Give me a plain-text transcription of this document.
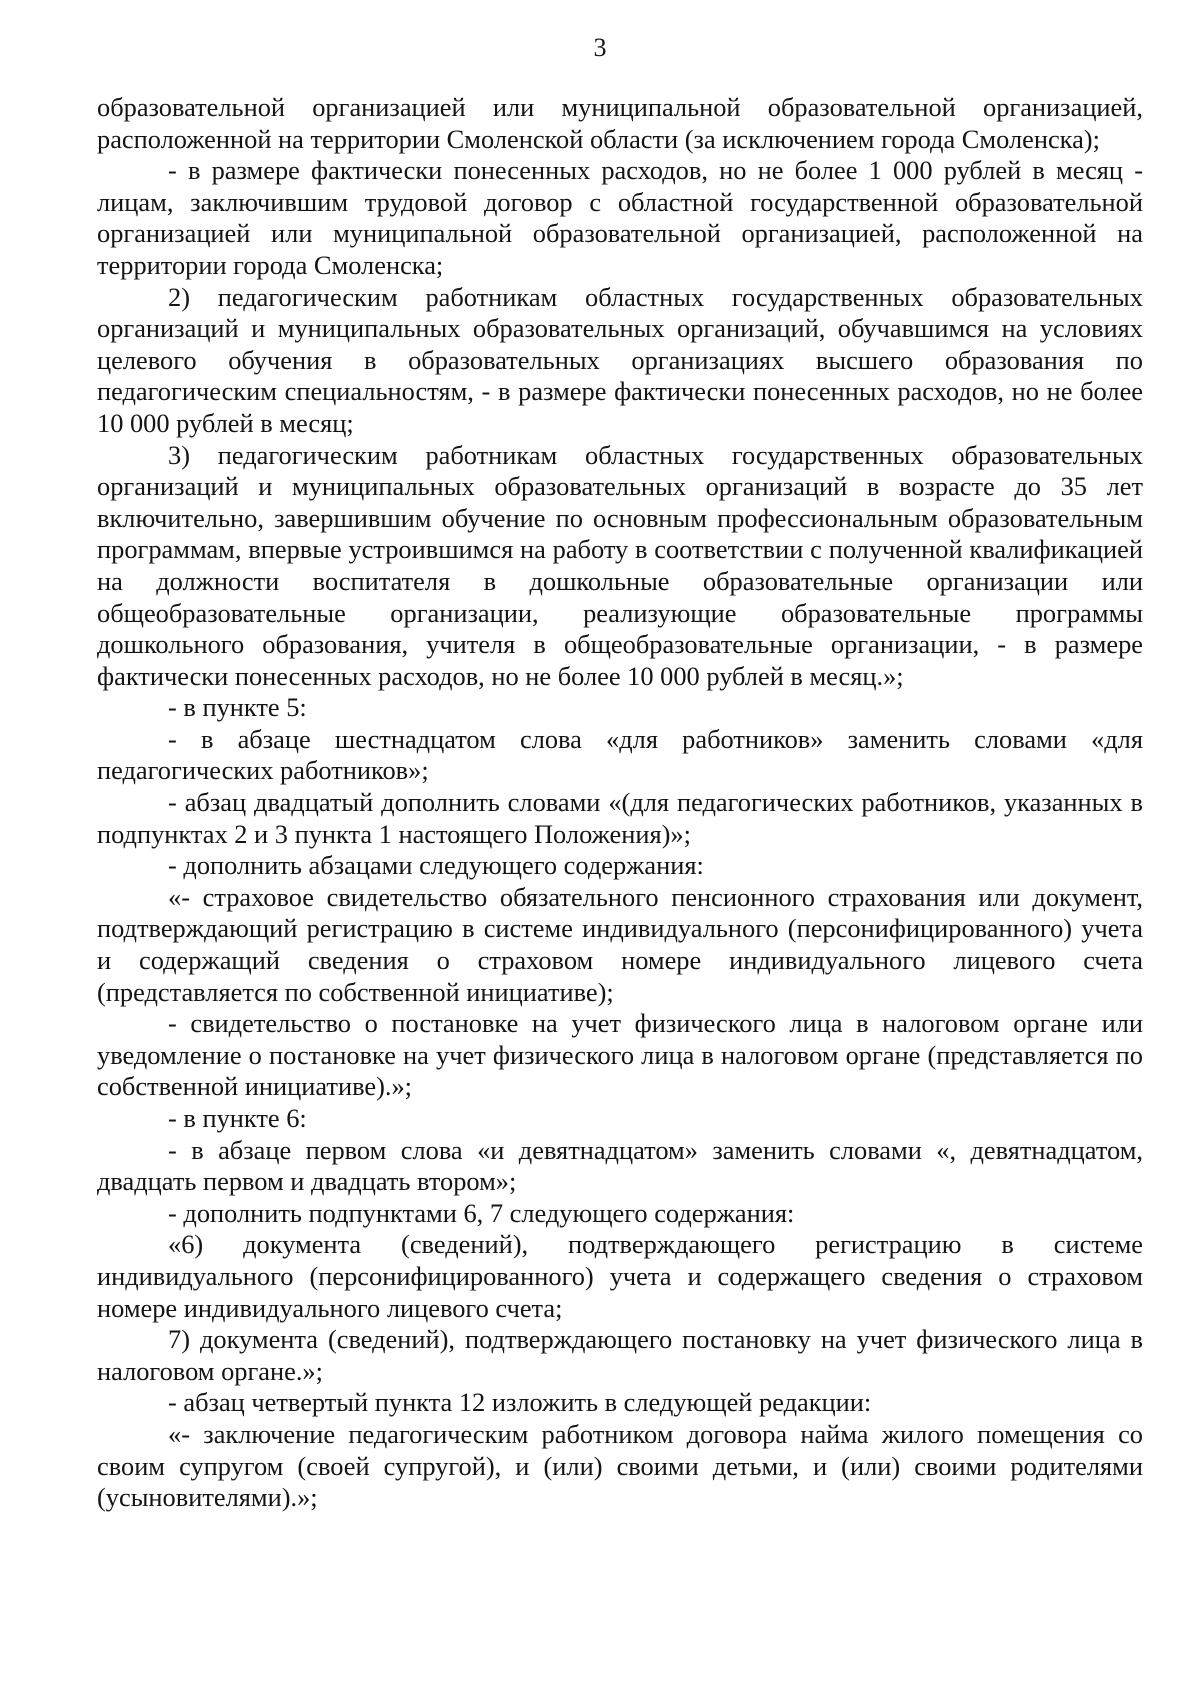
3

образовательной организацией или муниципальной образовательной организацией, расположенной на территории Смоленской области (за исключением города Смоленска);

- в размере фактически понесенных расходов, но не более 1 000 рублей в месяц - лицам, заключившим трудовой договор с областной государственной образовательной организацией или муниципальной образовательной организацией, расположенной на территории города Смоленска;

2) педагогическим работникам областных государственных образовательных организаций и муниципальных образовательных организаций, обучавшимся на условиях целевого обучения в образовательных организациях высшего образования по педагогическим специальностям, - в размере фактически понесенных расходов, но не более 10 000 рублей в месяц;

3) педагогическим работникам областных государственных образовательных организаций и муниципальных образовательных организаций в возрасте до 35 лет включительно, завершившим обучение по основным профессиональным образовательным программам, впервые устроившимся на работу в соответствии с полученной квалификацией на должности воспитателя в дошкольные образовательные организации или общеобразовательные организации, реализующие образовательные программы дошкольного образования, учителя в общеобразовательные организации, - в размере фактически понесенных расходов, но не более 10 000 рублей в месяц.»;

- в пункте 5:

- в абзаце шестнадцатом слова «для работников» заменить словами «для педагогических работников»;

- абзац двадцатый дополнить словами «(для педагогических работников, указанных в подпунктах 2 и 3 пункта 1 настоящего Положения)»;

- дополнить абзацами следующего содержания:

«- страховое свидетельство обязательного пенсионного страхования или документ, подтверждающий регистрацию в системе индивидуального (персонифицированного) учета и содержащий сведения о страховом номере индивидуального лицевого счета (представляется по собственной инициативе);

- свидетельство о постановке на учет физического лица в налоговом органе или уведомление о постановке на учет физического лица в налоговом органе (представляется по собственной инициативе).»;

- в пункте 6:

- в абзаце первом слова «и девятнадцатом» заменить словами «, девятнадцатом, двадцать первом и двадцать втором»;

- дополнить подпунктами 6, 7 следующего содержания:

«6) документа (сведений), подтверждающего регистрацию в системе индивидуального (персонифицированного) учета и содержащего сведения о страховом номере индивидуального лицевого счета;

7) документа (сведений), подтверждающего постановку на учет физического лица в налоговом органе.»;

- абзац четвертый пункта 12 изложить в следующей редакции:

«- заключение педагогическим работником договора найма жилого помещения со своим супругом (своей супругой), и (или) своими детьми, и (или) своими родителями (усыновителями).»;
